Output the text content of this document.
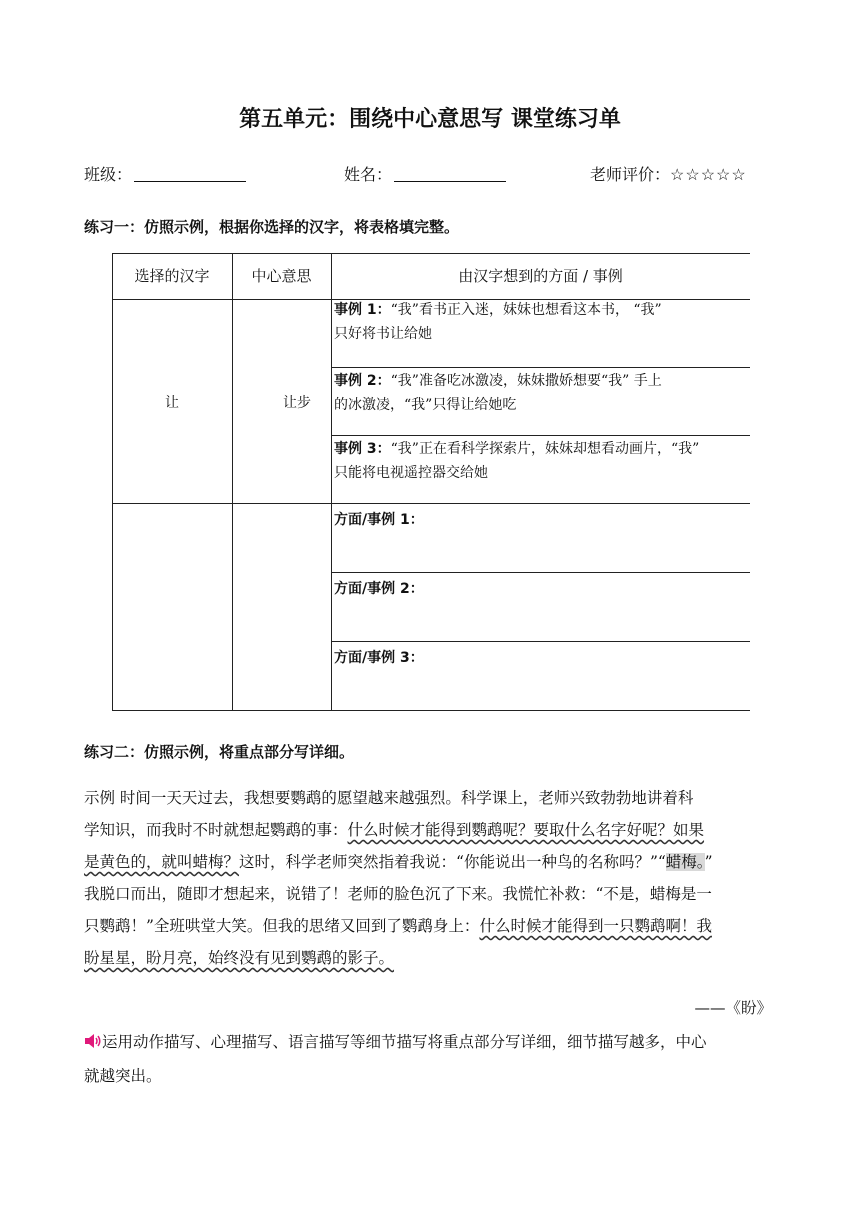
第五单元：围绕中心意思写 课堂练习单
班级：	姓名：	老师评价：☆☆☆☆☆
练习一：仿照示例，根据你选择的汉字，将表格填完整。
选择的汉字	中心意思	由汉字想到的方面 / 事例
让	让步
事例 1：“我”看书正入迷，妹妹也想看这本书， “我”
只好将书让给她
事例 2：“我”准备吃冰激凌，妹妹撒娇想要“我” 手上
的冰激凌，“我”只得让给她吃
事例 3：“我”正在看科学探索片，妹妹却想看动画片，“我”
只能将电视遥控器交给她
方面/事例 1：
方面/事例 2：
方面/事例 3：
练习二：仿照示例，将重点部分写详细。
示例 时间一天天过去，我想要鹦鹉的愿望越来越强烈。科学课上，老师兴致勃勃地讲着科
学知识，而我时不时就想起鹦鹉的事：什么时候才能得到鹦鹉呢？要取什么名字好呢？如果
是黄色的，就叫蜡梅？这时，科学老师突然指着我说：“你能说出一种鸟的名称吗？”“蜡梅。”
我脱口而出，随即才想起来，说错了！老师的脸色沉了下来。我慌忙补救：“不是，蜡梅是一
只鹦鹉！”全班哄堂大笑。但我的思绪又回到了鹦鹉身上：什么时候才能得到一只鹦鹉啊！我
盼星星，盼月亮，始终没有见到鹦鹉的影子。
——《盼》
运用动作描写、心理描写、语言描写等细节描写将重点部分写详细，细节描写越多，中心
就越突出。
